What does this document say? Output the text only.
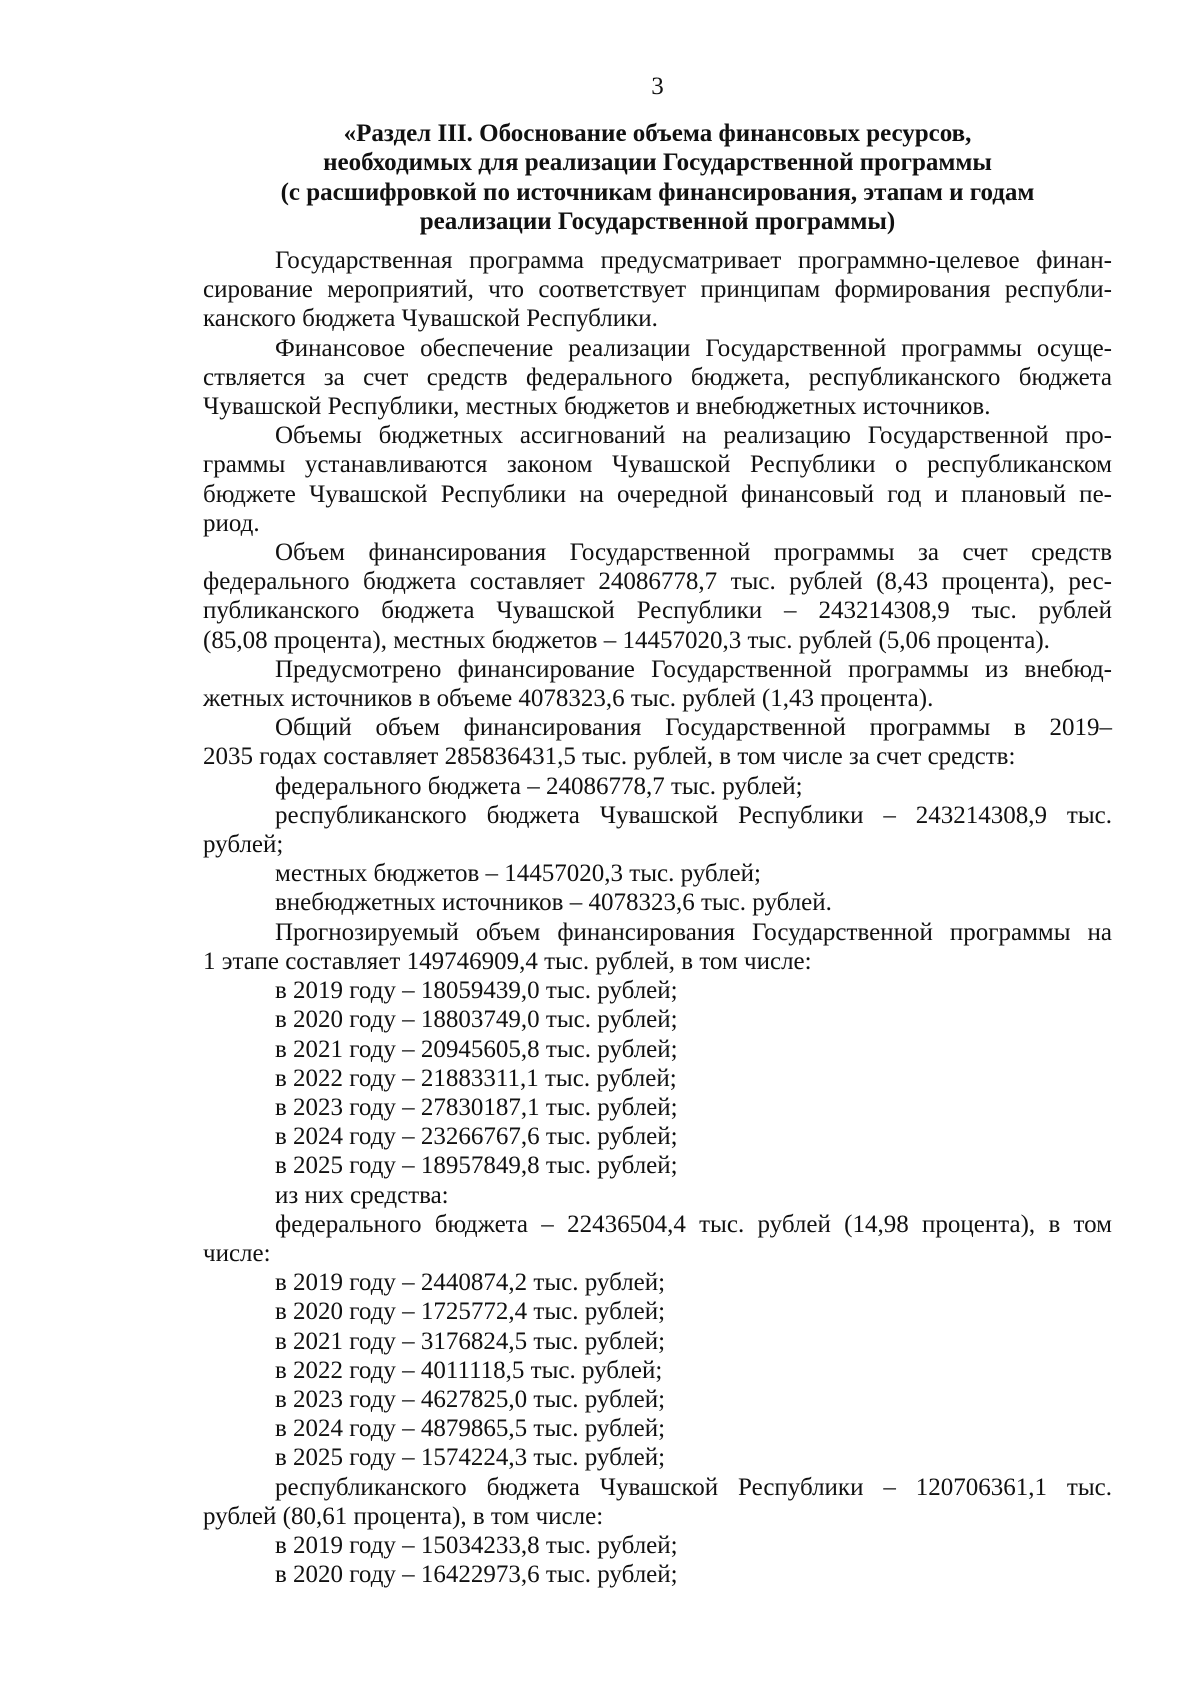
3
«Раздел III. Обоснование объема финансовых ресурсов,
необходимых для реализации Государственной программы
(с расшифровкой по источникам финансирования, этапам и годам
реализации Государственной программы)
Государственная программа предусматривает программно-целевое финан-
сирование мероприятий, что соответствует принципам формирования республи-
канского бюджета Чувашской Республики.
Финансовое обеспечение реализации Государственной программы осуще-
ствляется за счет средств федерального бюджета, республиканского бюджета
Чувашской Республики, местных бюджетов и внебюджетных источников.
Объемы бюджетных ассигнований на реализацию Государственной про-
граммы устанавливаются законом Чувашской Республики о республиканском
бюджете Чувашской Республики на очередной финансовый год и плановый пе-
риод.
Объем финансирования Государственной программы за счет средств
федерального бюджета составляет 24086778,7 тыс. рублей (8,43 процента), рес-
публиканского бюджета Чувашской Республики – 243214308,9 тыс. рублей
(85,08 процента), местных бюджетов – 14457020,3 тыс. рублей (5,06 процента).
Предусмотрено финансирование Государственной программы из внебюд-
жетных источников в объеме 4078323,6 тыс. рублей (1,43 процента).
Общий объем финансирования Государственной программы в 2019–
2035 годах составляет 285836431,5 тыс. рублей, в том числе за счет средств:
федерального бюджета – 24086778,7 тыс. рублей;
республиканского бюджета Чувашской Республики – 243214308,9 тыс.
рублей;
местных бюджетов – 14457020,3 тыс. рублей;
внебюджетных источников – 4078323,6 тыс. рублей.
Прогнозируемый объем финансирования Государственной программы на
1 этапе составляет 149746909,4 тыс. рублей, в том числе:
в 2019 году – 18059439,0 тыс. рублей;
в 2020 году – 18803749,0 тыс. рублей;
в 2021 году – 20945605,8 тыс. рублей;
в 2022 году – 21883311,1 тыс. рублей;
в 2023 году – 27830187,1 тыс. рублей;
в 2024 году – 23266767,6 тыс. рублей;
в 2025 году – 18957849,8 тыс. рублей;
из них средства:
федерального бюджета – 22436504,4 тыс. рублей (14,98 процента), в том
числе:
в 2019 году – 2440874,2 тыс. рублей;
в 2020 году – 1725772,4 тыс. рублей;
в 2021 году – 3176824,5 тыс. рублей;
в 2022 году – 4011118,5 тыс. рублей;
в 2023 году – 4627825,0 тыс. рублей;
в 2024 году – 4879865,5 тыс. рублей;
в 2025 году – 1574224,3 тыс. рублей;
республиканского бюджета Чувашской Республики – 120706361,1 тыс.
рублей (80,61 процента), в том числе:
в 2019 году – 15034233,8 тыс. рублей;
в 2020 году – 16422973,6 тыс. рублей;
